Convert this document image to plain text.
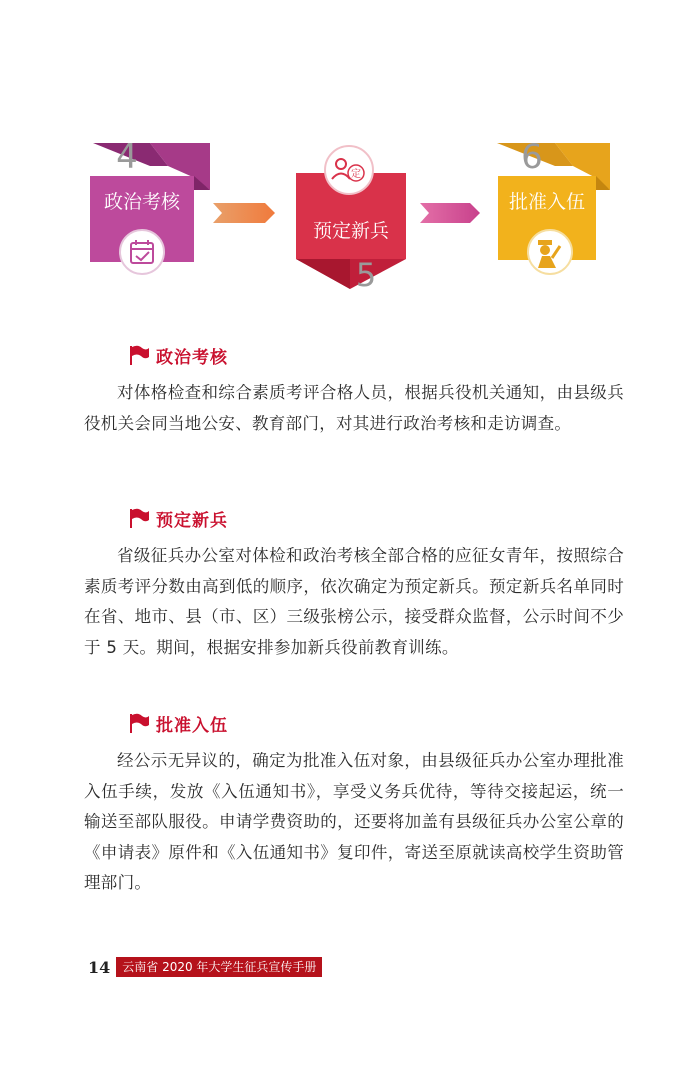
4
政治考核
5
预定新兵
定	6
批准入伍
政治考核

对体格检查和综合素质考评合格人员，根据兵役机关通知，由县级兵役机关会同当地公安、教育部门，对其进行政治考核和走访调查。

预定新兵

省级征兵办公室对体检和政治考核全部合格的应征女青年，按照综合素质考评分数由高到低的顺序，依次确定为预定新兵。预定新兵名单同时在省、地市、县（市、区）三级张榜公示，接受群众监督，公示时间不少于 5 天。期间，根据安排参加新兵役前教育训练。

批准入伍

经公示无异议的，确定为批准入伍对象，由县级征兵办公室办理批准入伍手续，发放《入伍通知书》，享受义务兵优待，等待交接起运，统一输送至部队服役。申请学费资助的，还要将加盖有县级征兵办公室公章的《申请表》原件和《入伍通知书》复印件，寄送至原就读高校学生资助管理部门。

14	云南省 2020 年大学生征兵宣传手册
